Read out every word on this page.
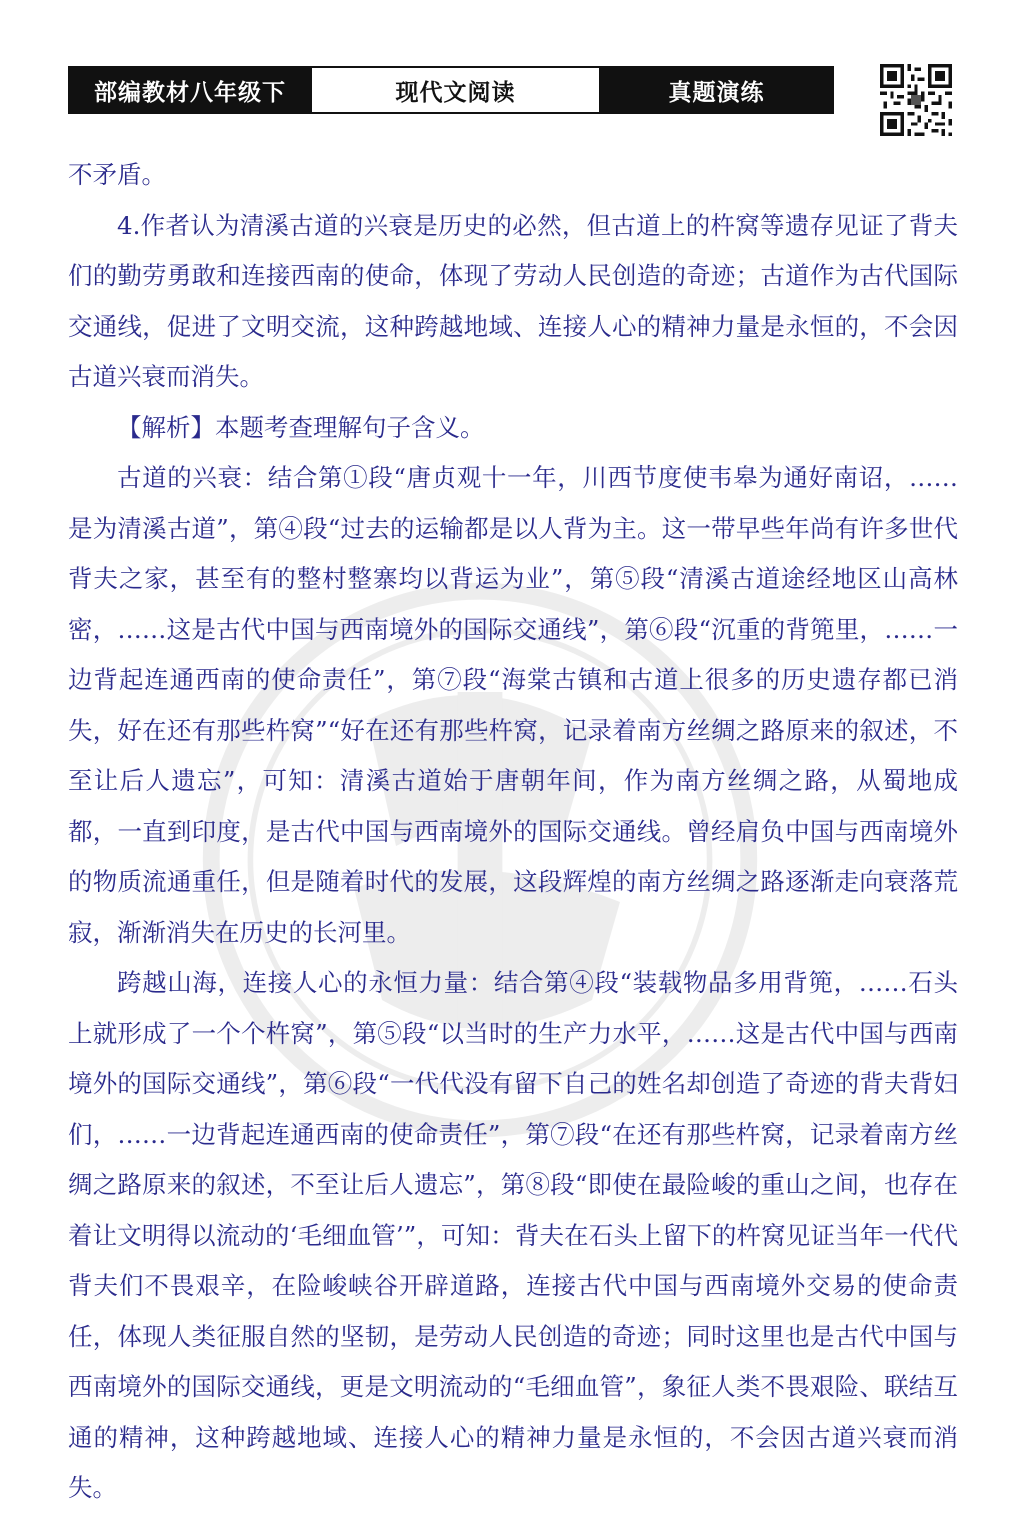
部编教材八年级下	现代文阅读	真题演练

不矛盾。

4.作者认为清溪古道的兴衰是历史的必然，但古道上的杵窝等遗存见证了背夫们的勤劳勇敢和连接西南的使命，体现了劳动人民创造的奇迹；古道作为古代国际交通线，促进了文明交流，这种跨越地域、连接人心的精神力量是永恒的，不会因古道兴衰而消失。

【解析】本题考查理解句子含义。

古道的兴衰：结合第①段“唐贞观十一年，川西节度使韦皋为通好南诏，……是为清溪古道”，第④段“过去的运输都是以人背为主。这一带早些年尚有许多世代背夫之家，甚至有的整村整寨均以背运为业”，第⑤段“清溪古道途经地区山高林密，……这是古代中国与西南境外的国际交通线”，第⑥段“沉重的背篼里，……一边背起连通西南的使命责任”，第⑦段“海棠古镇和古道上很多的历史遗存都已消失，好在还有那些杵窝”“好在还有那些杵窝，记录着南方丝绸之路原来的叙述，不至让后人遗忘”，可知：清溪古道始于唐朝年间，作为南方丝绸之路，从蜀地成都，一直到印度，是古代中国与西南境外的国际交通线。曾经肩负中国与西南境外的物质流通重任，但是随着时代的发展，这段辉煌的南方丝绸之路逐渐走向衰落荒寂，渐渐消失在历史的长河里。

跨越山海，连接人心的永恒力量：结合第④段“装载物品多用背篼，……石头上就形成了一个个杵窝”，第⑤段“以当时的生产力水平，……这是古代中国与西南境外的国际交通线”，第⑥段“一代代没有留下自己的姓名却创造了奇迹的背夫背妇们，……一边背起连通西南的使命责任”，第⑦段“在还有那些杵窝，记录着南方丝绸之路原来的叙述，不至让后人遗忘”，第⑧段“即使在最险峻的重山之间，也存在着让文明得以流动的‘毛细血管’”，可知：背夫在石头上留下的杵窝见证当年一代代背夫们不畏艰辛，在险峻峡谷开辟道路，连接古代中国与西南境外交易的使命责任，体现人类征服自然的坚韧，是劳动人民创造的奇迹；同时这里也是古代中国与西南境外的国际交通线，更是文明流动的“毛细血管”，象征人类不畏艰险、联结互通的精神，这种跨越地域、连接人心的精神力量是永恒的，不会因古道兴衰而消失。
